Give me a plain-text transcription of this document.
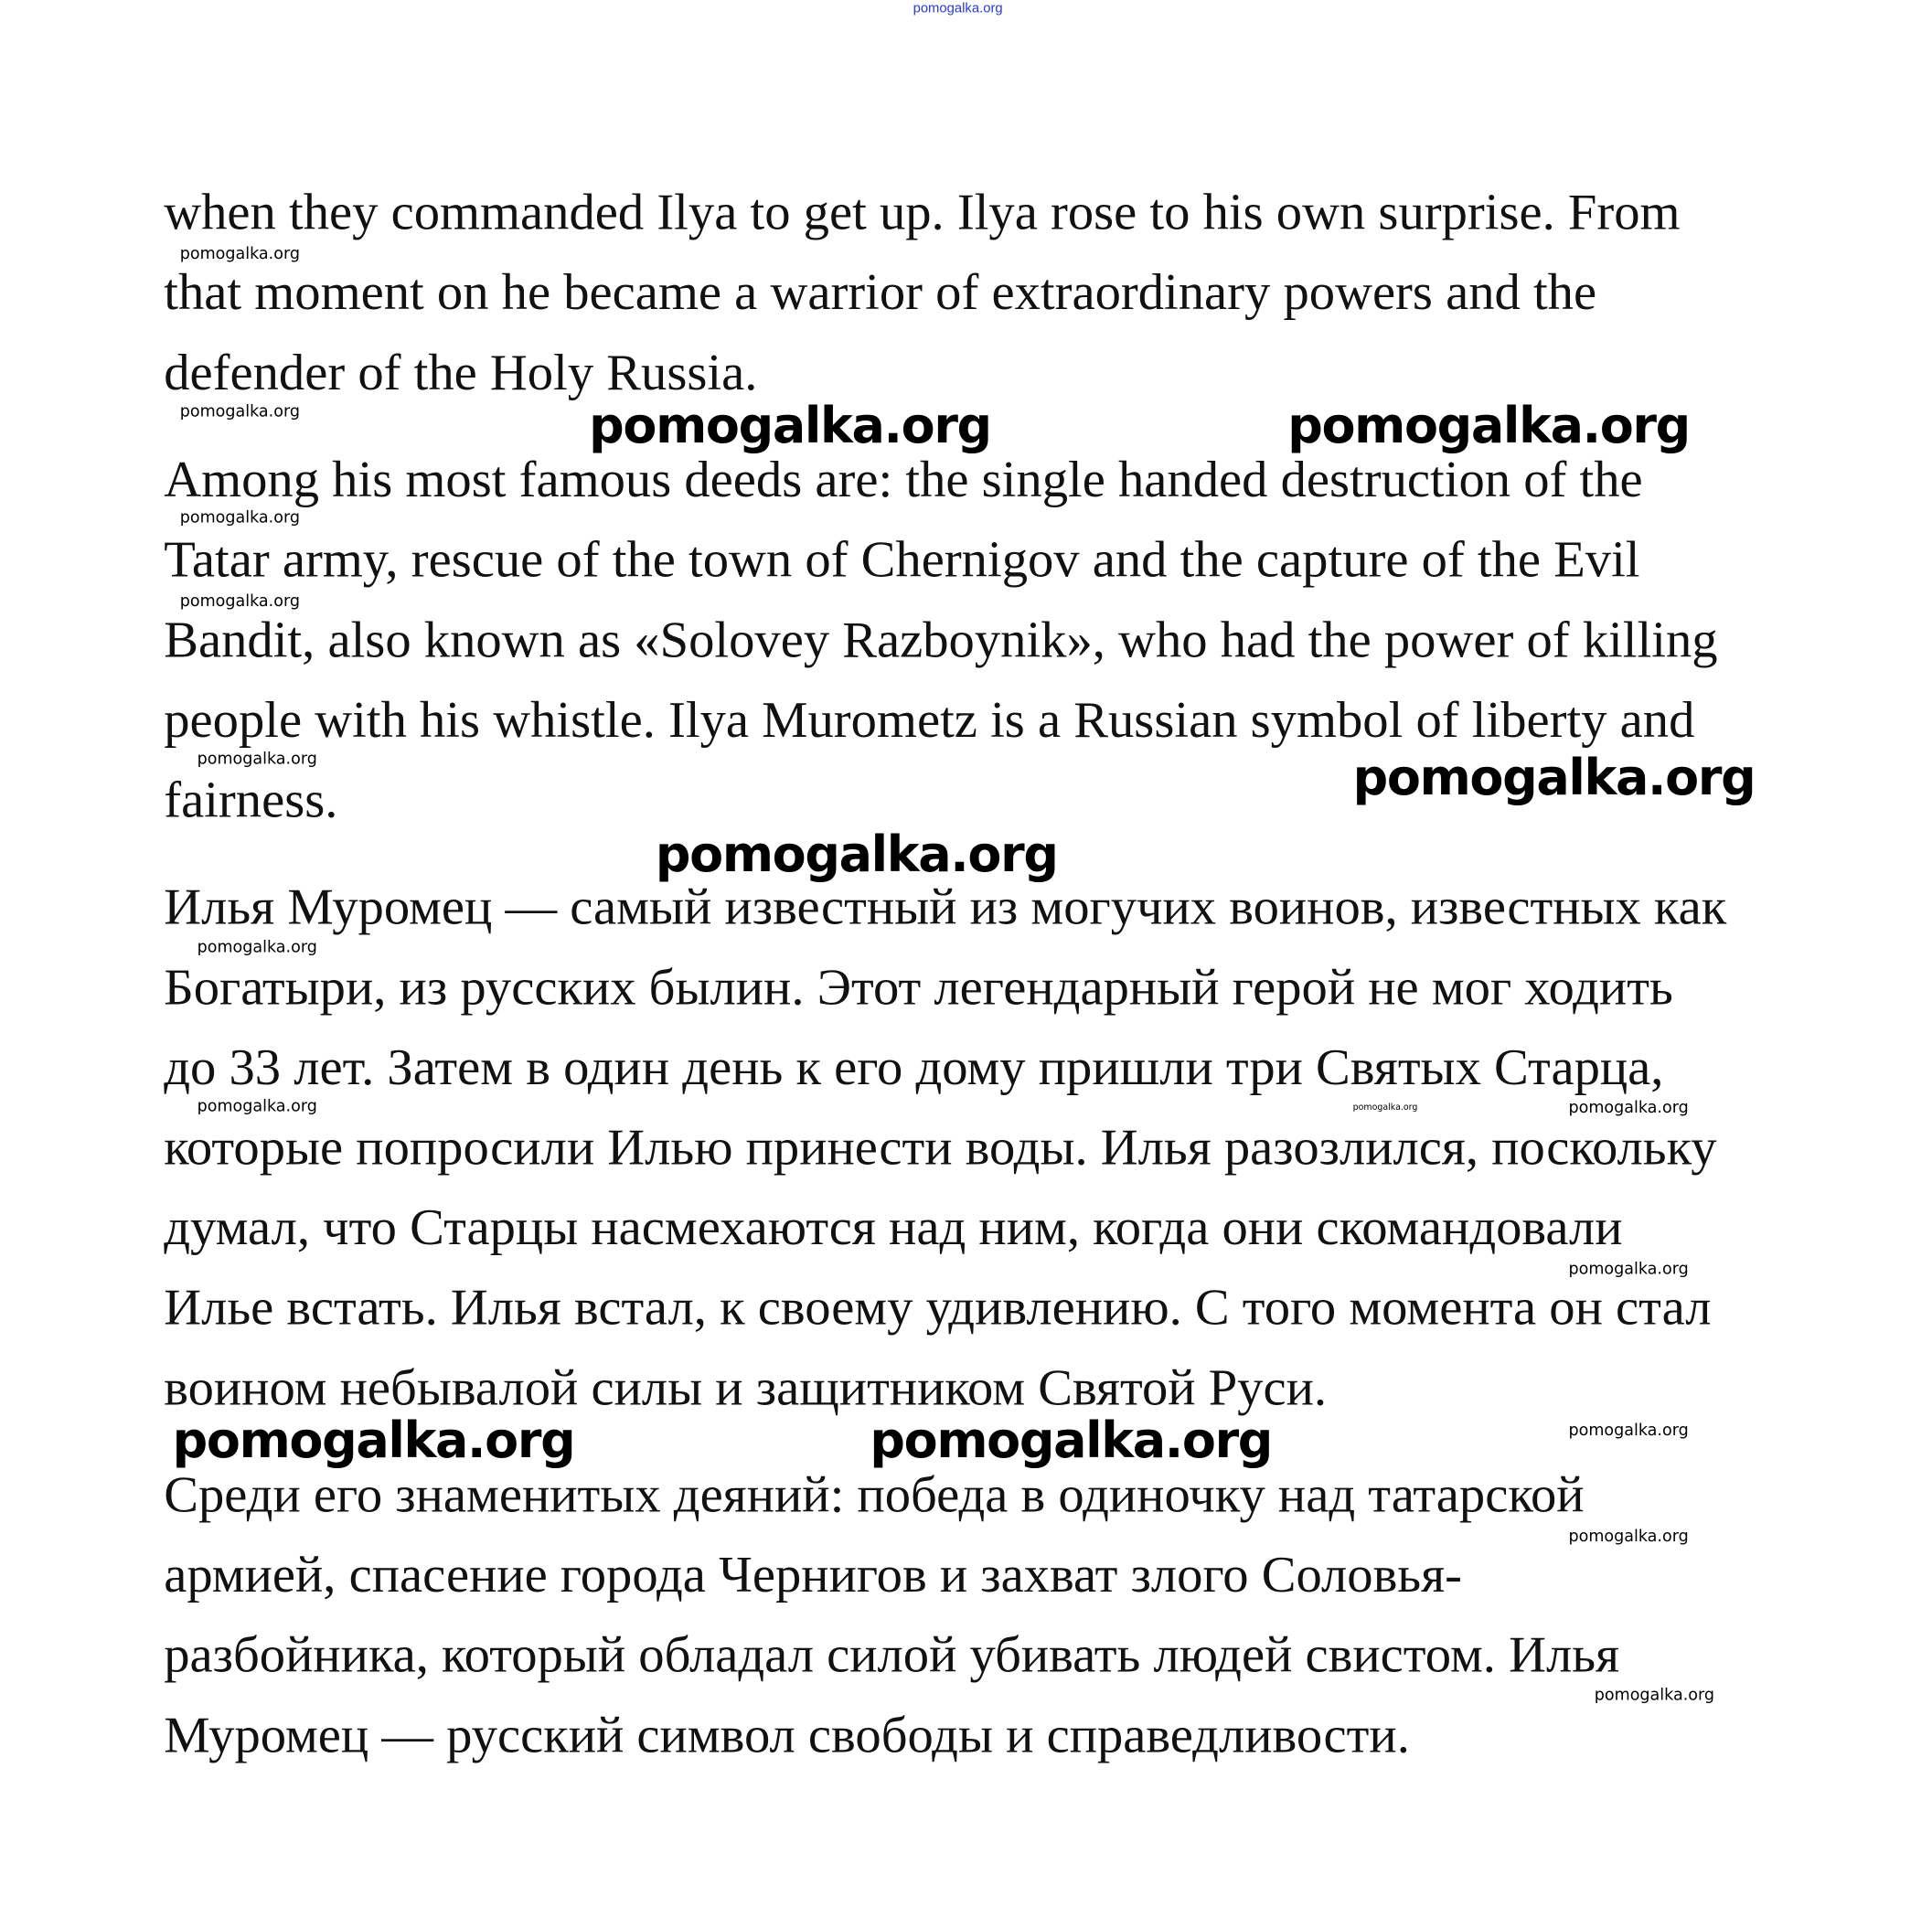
pomogalka.org
when they commanded Ilya to get up. Ilya rose to his own surprise. From
that moment on he became a warrior of extraordinary powers and the
defender of the Holy Russia.
Among his most famous deeds are: the single handed destruction of the
Tatar army, rescue of the town of Chernigov and the capture of the Evil
Bandit, also known as «Solovey Razboynik», who had the power of killing
people with his whistle. Ilya Murometz is a Russian symbol of liberty and
fairness.
Илья Муромец — самый известный из могучих воинов, известных как
Богатыри, из русских былин. Этот легендарный герой не мог ходить
до 33 лет. Затем в один день к его дому пришли три Святых Старца,
которые попросили Илью принести воды. Илья разозлился, поскольку
думал, что Старцы насмехаются над ним, когда они скомандовали
Илье встать. Илья встал, к своему удивлению. С того момента он стал
воином небывалой силы и защитником Святой Руси.
Среди его знаменитых деяний: победа в одиночку над татарской
армией, спасение города Чернигов и захват злого Соловья-
разбойника, который обладал силой убивать людей свистом. Илья
Муромец — русский символ свободы и справедливости.
pomogalka.org
pomogalka.org	pomogalka.org	pomogalka.org
pomogalka.org
pomogalka.org
pomogalka.org	pomogalka.org
pomogalka.org
pomogalka.org
pomogalka.org	pomogalka.org	pomogalka.org
pomogalka.org
pomogalka.org
pomogalka.org	pomogalka.org
pomogalka.org
pomogalka.org
